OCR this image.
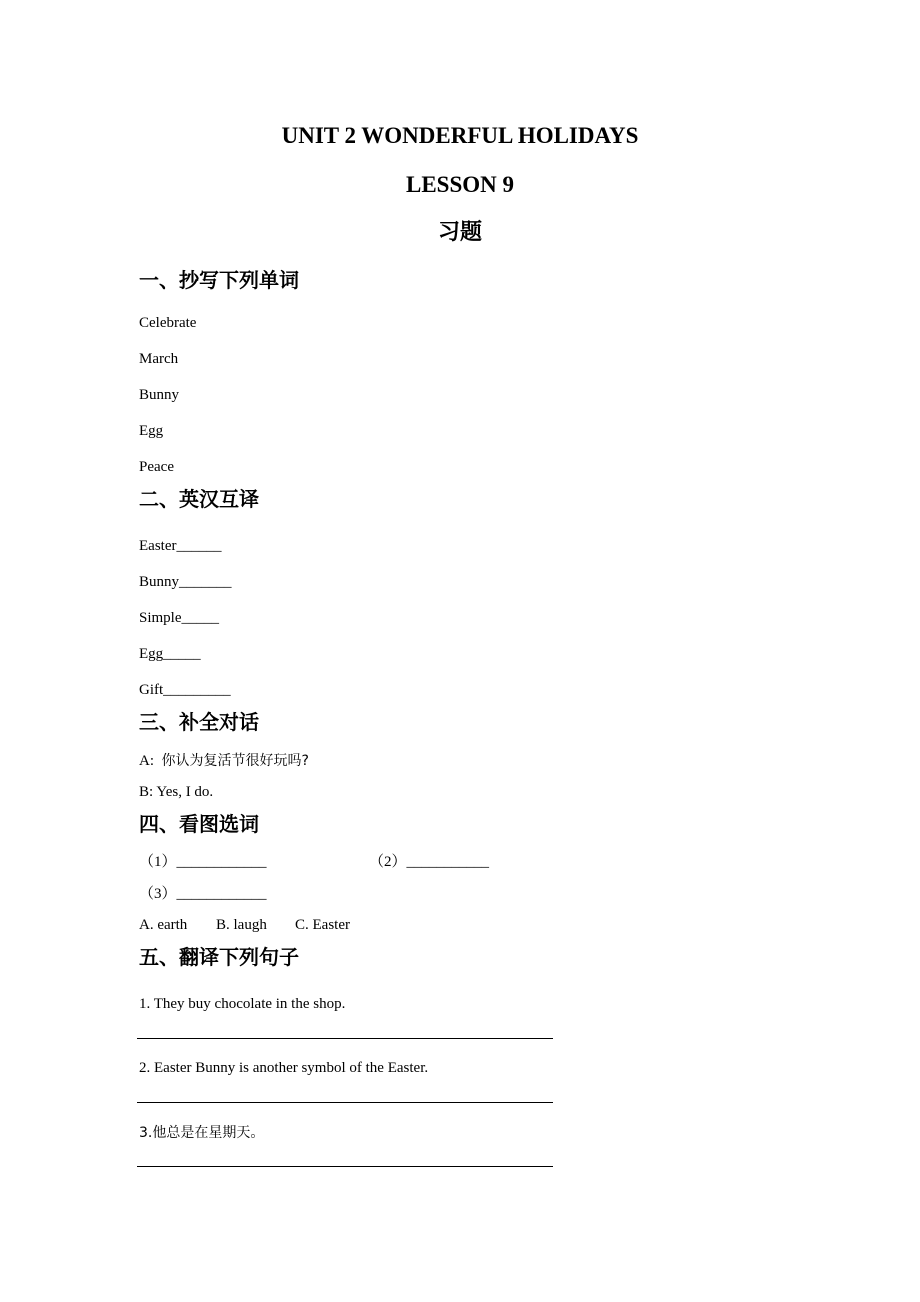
UNIT 2 WONDERFUL HOLIDAYS
LESSON 9
习题
一、抄写下列单词
Celebrate
March
Bunny
Egg
Peace
二、英汉互译
Easter______
Bunny_______
Simple_____
Egg_____
Gift_________
三、补全对话
A: 你认为复活节很好玩吗?
B: Yes, I do.
四、看图选词
（1）____________	（2）___________
（3）____________
A. earth B. laugh C. Easter
五、翻译下列句子
1. They buy chocolate in the shop.
2. Easter Bunny is another symbol of the Easter.
3.他总是在星期天。
